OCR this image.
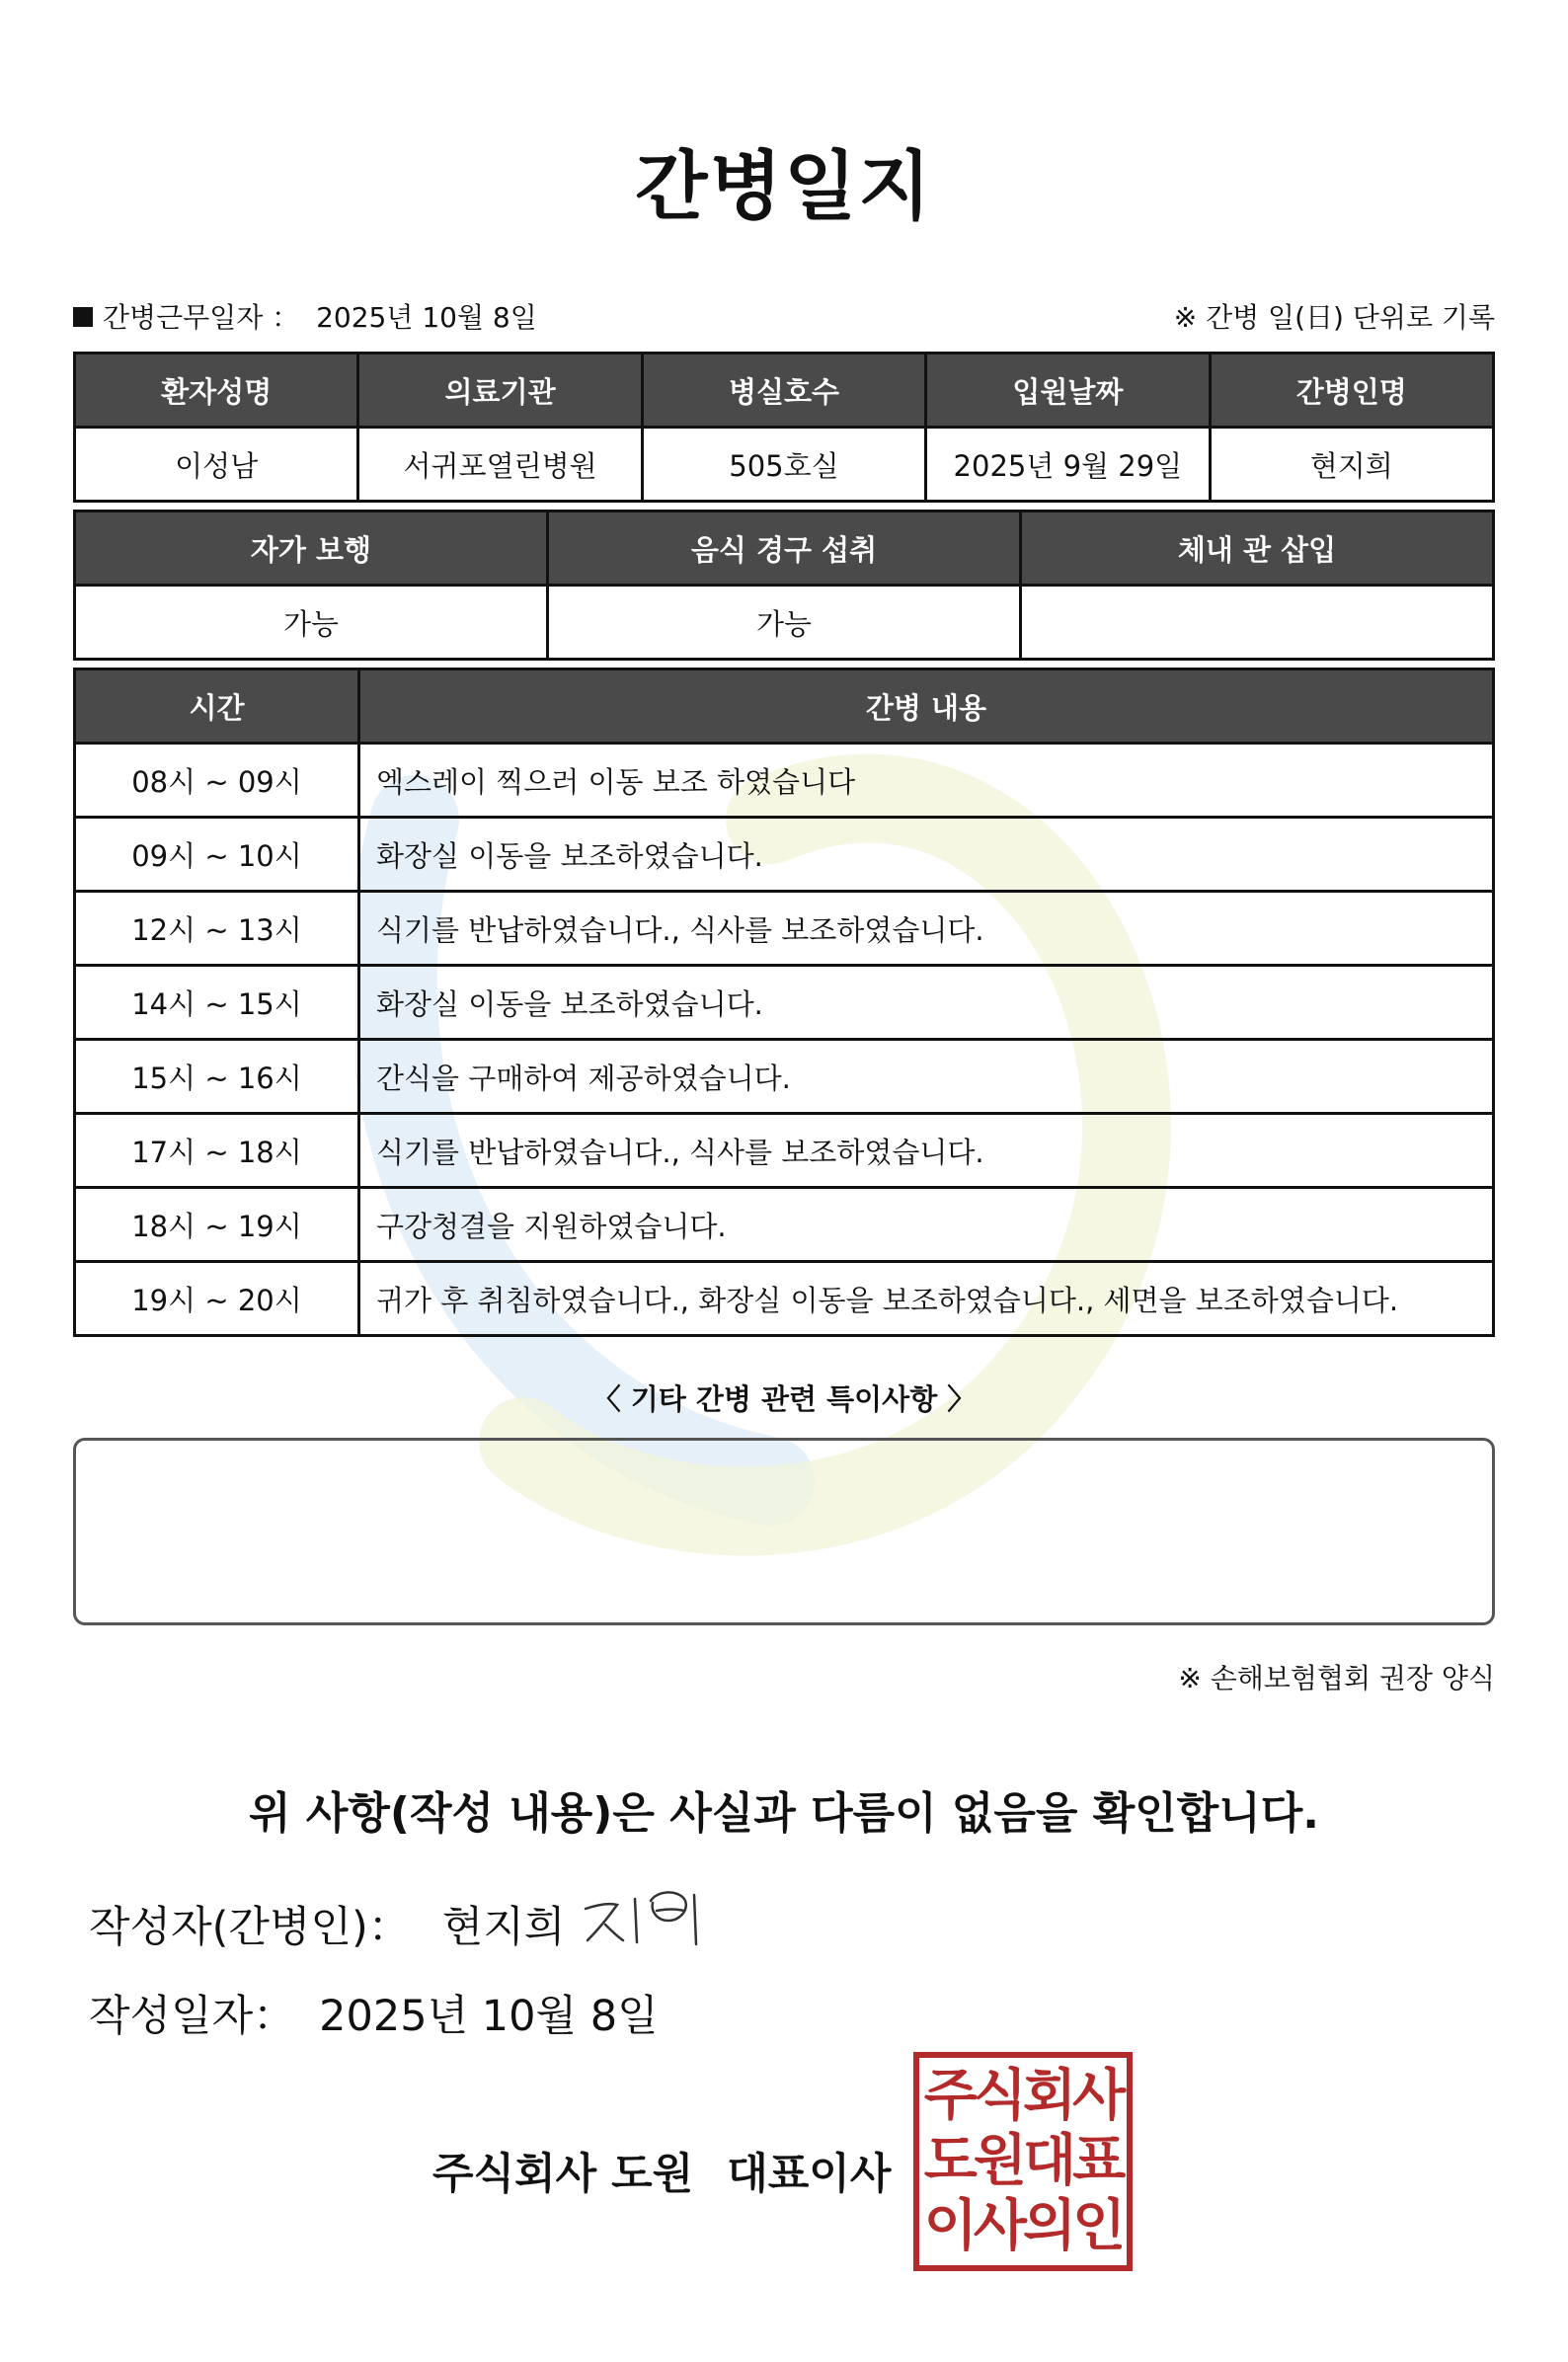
간병일지
간병근무일자 ： 2025년 10월 8일	※ 간병 일(日) 단위로 기록
환자성명	의료기관	병실호수	입원날짜	간병인명
이성남	서귀포열린병원	505호실	2025년 9월 29일	현지희
자가 보행	음식 경구 섭취	체내 관 삽입
가능	가능	
시간	간병 내용
08시 ~ 09시	엑스레이 찍으러 이동 보조 하였습니다
09시 ~ 10시	화장실 이동을 보조하였습니다.
12시 ~ 13시	식기를 반납하였습니다., 식사를 보조하였습니다.
14시 ~ 15시	화장실 이동을 보조하였습니다.
15시 ~ 16시	간식을 구매하여 제공하였습니다.
17시 ~ 18시	식기를 반납하였습니다., 식사를 보조하였습니다.
18시 ~ 19시	구강청결을 지원하였습니다.
19시 ~ 20시	귀가 후 취침하였습니다., 화장실 이동을 보조하였습니다., 세면을 보조하였습니다.
〈 기타 간병 관련 특이사항 〉
※ 손해보험협회 권장 양식
위 사항(작성 내용)은 사실과 다름이 없음을 확인합니다.
작성자(간병인)： 현지희
작성일자： 2025년 10월 8일
주식회사 도원 대표이사
주식회사
도원대표
이사의인
